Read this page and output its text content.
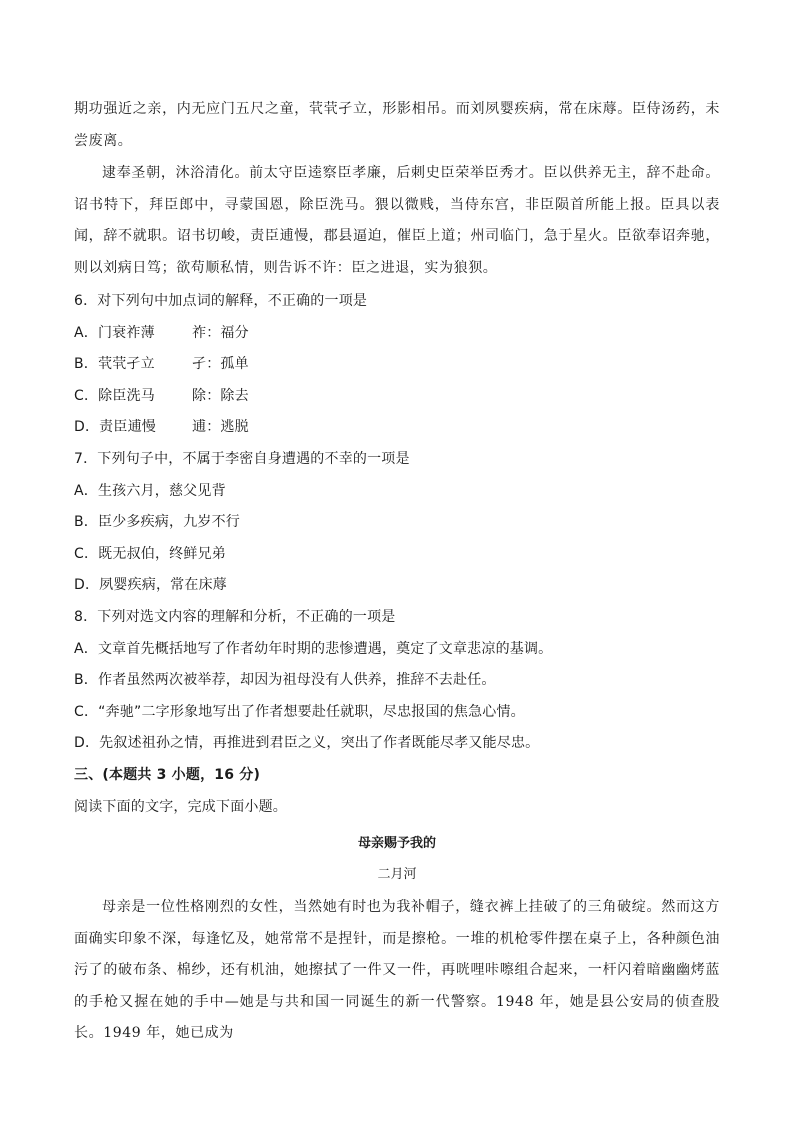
期功强近之亲，内无应门五尺之童，茕茕孑立，形影相吊。而刘夙婴疾病，常在床蓐。臣侍汤药，未尝废离。
逮奉圣朝，沐浴清化。前太守臣逵察臣孝廉，后刺史臣荣举臣秀才。臣以供养无主，辞不赴命。诏书特下，拜臣郎中，寻蒙国恩，除臣洗马。猥以微贱，当侍东宫，非臣陨首所能上报。臣具以表闻，辞不就职。诏书切峻，责臣逋慢，郡县逼迫，催臣上道；州司临门，急于星火。臣欲奉诏奔驰，则以刘病日笃；欲苟顺私情，则告诉不许：臣之进退，实为狼狈。
6．对下列句中加点词的解释，不正确的一项是
A．门衰祚薄	祚：福分
B．茕茕孑立	孑：孤单
C．除臣洗马	除：除去
D．责臣逋慢	逋：逃脱
7．下列句子中，不属于李密自身遭遇的不幸的一项是
A．生孩六月，慈父见背
B．臣少多疾病，九岁不行
C．既无叔伯，终鲜兄弟
D．夙婴疾病，常在床蓐
8．下列对选文内容的理解和分析，不正确的一项是
A．文章首先概括地写了作者幼年时期的悲惨遭遇，奠定了文章悲凉的基调。
B．作者虽然两次被举荐，却因为祖母没有人供养，推辞不去赴任。
C．“奔驰”二字形象地写出了作者想要赴任就职，尽忠报国的焦急心情。
D．先叙述祖孙之情，再推进到君臣之义，突出了作者既能尽孝又能尽忠。
三、(本题共 3 小题，16 分)
阅读下面的文字，完成下面小题。
母亲赐予我的
二月河
母亲是一位性格刚烈的女性，当然她有时也为我补帽子，缝衣裤上挂破了的三角破绽。然而这方面确实印象不深，每逢忆及，她常常不是捏针，而是擦枪。一堆的机枪零件摆在桌子上，各种颜色油污了的破布条、棉纱，还有机油，她擦拭了一件又一件，再咣哩咔嚓组合起来，一杆闪着暗幽幽烤蓝的手枪又握在她的手中—她是与共和国一同诞生的新一代警察。1948 年，她是县公安局的侦查股长。1949 年，她已成为
